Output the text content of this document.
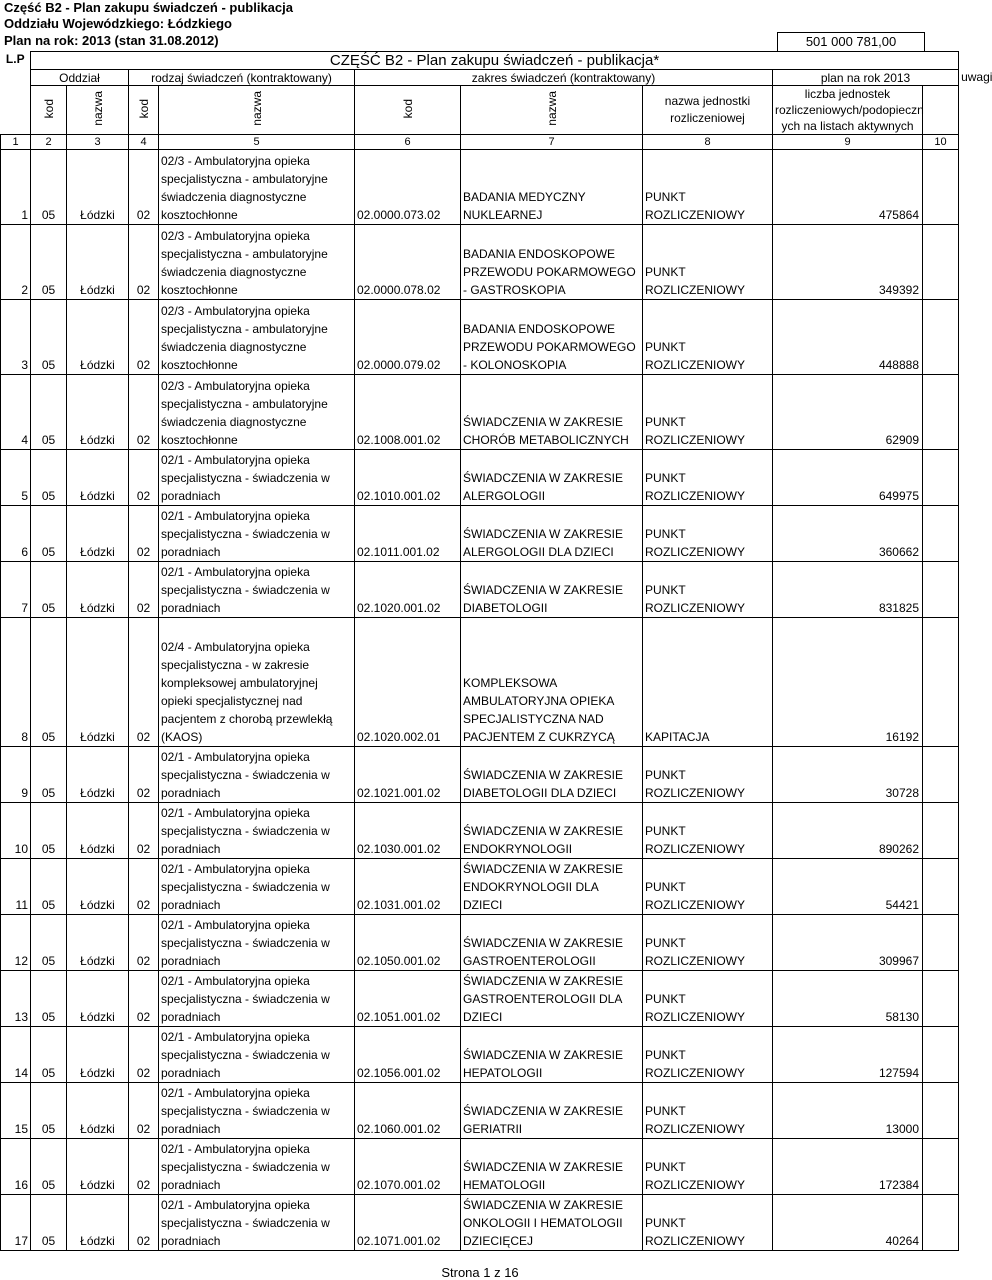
Część B2 - Plan zakupu świadczeń - publikacja
Oddziału Wojewódzkiego: Łódzkiego
Plan na rok: 2013 (stan 31.08.2012)	501 000 781,00
L.P	CZĘŚĆ B2 - Plan zakupu świadczeń - publikacja*									
	Oddział		rodzaj świadczeń (kontraktowany)		zakres świadczeń (kontraktowany)			plan na rok 2013		uwagi
	kod	nazwa	kod	nazwa	kod	nazwa	nazwa jednostki rozliczeniowej	liczba jednostek rozliczeniowych/podopieczn ych na listach aktywnych		
1	2	3	4	5	6	7	8	9	10	
1	05	Łódzki	02	02/3 - Ambulatoryjna opieka specjalistyczna - ambulatoryjne świadczenia diagnostyczne kosztochłonne	02.0000.073.02	BADANIA MEDYCZNY NUKLEARNEJ	PUNKT ROZLICZENIOWY	475864		
2	05	Łódzki	02	02/3 - Ambulatoryjna opieka specjalistyczna - ambulatoryjne świadczenia diagnostyczne kosztochłonne	02.0000.078.02	BADANIA ENDOSKOPOWE PRZEWODU POKARMOWEGO - GASTROSKOPIA	PUNKT ROZLICZENIOWY	349392		
3	05	Łódzki	02	02/3 - Ambulatoryjna opieka specjalistyczna - ambulatoryjne świadczenia diagnostyczne kosztochłonne	02.0000.079.02	BADANIA ENDOSKOPOWE PRZEWODU POKARMOWEGO - KOLONOSKOPIA	PUNKT ROZLICZENIOWY	448888		
4	05	Łódzki	02	02/3 - Ambulatoryjna opieka specjalistyczna - ambulatoryjne świadczenia diagnostyczne kosztochłonne	02.1008.001.02	ŚWIADCZENIA W ZAKRESIE CHORÓB METABOLICZNYCH	PUNKT ROZLICZENIOWY	62909		
5	05	Łódzki	02	02/1 - Ambulatoryjna opieka specjalistyczna - świadczenia w poradniach	02.1010.001.02	ŚWIADCZENIA W ZAKRESIE ALERGOLOGII	PUNKT ROZLICZENIOWY	649975		
6	05	Łódzki	02	02/1 - Ambulatoryjna opieka specjalistyczna - świadczenia w poradniach	02.1011.001.02	ŚWIADCZENIA W ZAKRESIE ALERGOLOGII DLA DZIECI	PUNKT ROZLICZENIOWY	360662		
7	05	Łódzki	02	02/1 - Ambulatoryjna opieka specjalistyczna - świadczenia w poradniach	02.1020.001.02	ŚWIADCZENIA W ZAKRESIE DIABETOLOGII	PUNKT ROZLICZENIOWY	831825		
8	05	Łódzki	02	02/4 - Ambulatoryjna opieka specjalistyczna - w zakresie kompleksowej ambulatoryjnej opieki specjalistycznej nad pacjentem z chorobą przewlekłą (KAOS)	02.1020.002.01	KOMPLEKSOWA AMBULATORYJNA OPIEKA SPECJALISTYCZNA NAD PACJENTEM Z CUKRZYCĄ	KAPITACJA	16192		
9	05	Łódzki	02	02/1 - Ambulatoryjna opieka specjalistyczna - świadczenia w poradniach	02.1021.001.02	ŚWIADCZENIA W ZAKRESIE DIABETOLOGII DLA DZIECI	PUNKT ROZLICZENIOWY	30728		
10	05	Łódzki	02	02/1 - Ambulatoryjna opieka specjalistyczna - świadczenia w poradniach	02.1030.001.02	ŚWIADCZENIA W ZAKRESIE ENDOKRYNOLOGII	PUNKT ROZLICZENIOWY	890262		
11	05	Łódzki	02	02/1 - Ambulatoryjna opieka specjalistyczna - świadczenia w poradniach	02.1031.001.02	ŚWIADCZENIA W ZAKRESIE ENDOKRYNOLOGII DLA DZIECI	PUNKT ROZLICZENIOWY	54421		
12	05	Łódzki	02	02/1 - Ambulatoryjna opieka specjalistyczna - świadczenia w poradniach	02.1050.001.02	ŚWIADCZENIA W ZAKRESIE GASTROENTEROLOGII	PUNKT ROZLICZENIOWY	309967		
13	05	Łódzki	02	02/1 - Ambulatoryjna opieka specjalistyczna - świadczenia w poradniach	02.1051.001.02	ŚWIADCZENIA W ZAKRESIE GASTROENTEROLOGII DLA DZIECI	PUNKT ROZLICZENIOWY	58130		
14	05	Łódzki	02	02/1 - Ambulatoryjna opieka specjalistyczna - świadczenia w poradniach	02.1056.001.02	ŚWIADCZENIA W ZAKRESIE HEPATOLOGII	PUNKT ROZLICZENIOWY	127594		
15	05	Łódzki	02	02/1 - Ambulatoryjna opieka specjalistyczna - świadczenia w poradniach	02.1060.001.02	ŚWIADCZENIA W ZAKRESIE GERIATRII	PUNKT ROZLICZENIOWY	13000		
16	05	Łódzki	02	02/1 - Ambulatoryjna opieka specjalistyczna - świadczenia w poradniach	02.1070.001.02	ŚWIADCZENIA W ZAKRESIE HEMATOLOGII	PUNKT ROZLICZENIOWY	172384		
17	05	Łódzki	02	02/1 - Ambulatoryjna opieka specjalistyczna - świadczenia w poradniach	02.1071.001.02	ŚWIADCZENIA W ZAKRESIE ONKOLOGII I HEMATOLOGII DZIECIĘCEJ	PUNKT ROZLICZENIOWY	40264		
Strona 1 z 16
